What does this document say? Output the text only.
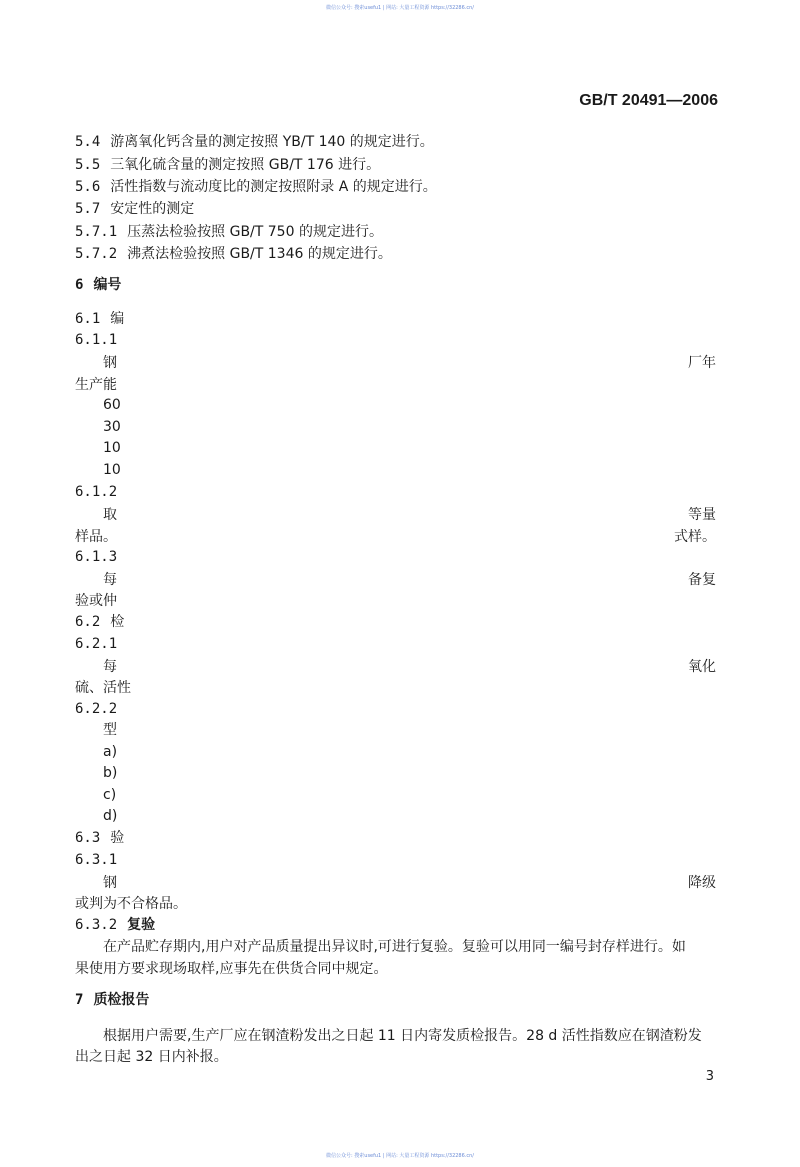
微信公众号: 搜索usefu1 | 网站: 大量工程资源 https://32286.cn/
GB/T 20491—2006
5.4 游离氧化钙含量的测定按照 YB/T 140 的规定进行。
5.5 三氧化硫含量的测定按照 GB/T 176 进行。
5.6 活性指数与流动度比的测定按照附录 A 的规定进行。
5.7 安定性的测定
5.7.1 压蒸法检验按照 GB/T 750 的规定进行。
5.7.2 沸煮法检验按照 GB/T 1346 的规定进行。
6 编号
6.1 编
6.1.1
钢	厂年
生产能
60
30
10
10
6.1.2
取	等量
样品。	式样。
6.1.3
每	备复
验或仲
6.2 检
6.2.1
每	氧化
硫、活性
6.2.2
型
a)
b)
c)
d)
6.3 验
6.3.1
钢	降级
或判为不合格品。
6.3.2 复验
在产品贮存期内,用户对产品质量提出异议时,可进行复验。复验可以用同一编号封存样进行。如
果使用方要求现场取样,应事先在供货合同中规定。
7 质检报告
根据用户需要,生产厂应在钢渣粉发出之日起 11 日内寄发质检报告。28 d 活性指数应在钢渣粉发
出之日起 32 日内补报。
3
微信公众号: 搜索usefu1 | 网站: 大量工程资源 https://32286.cn/
